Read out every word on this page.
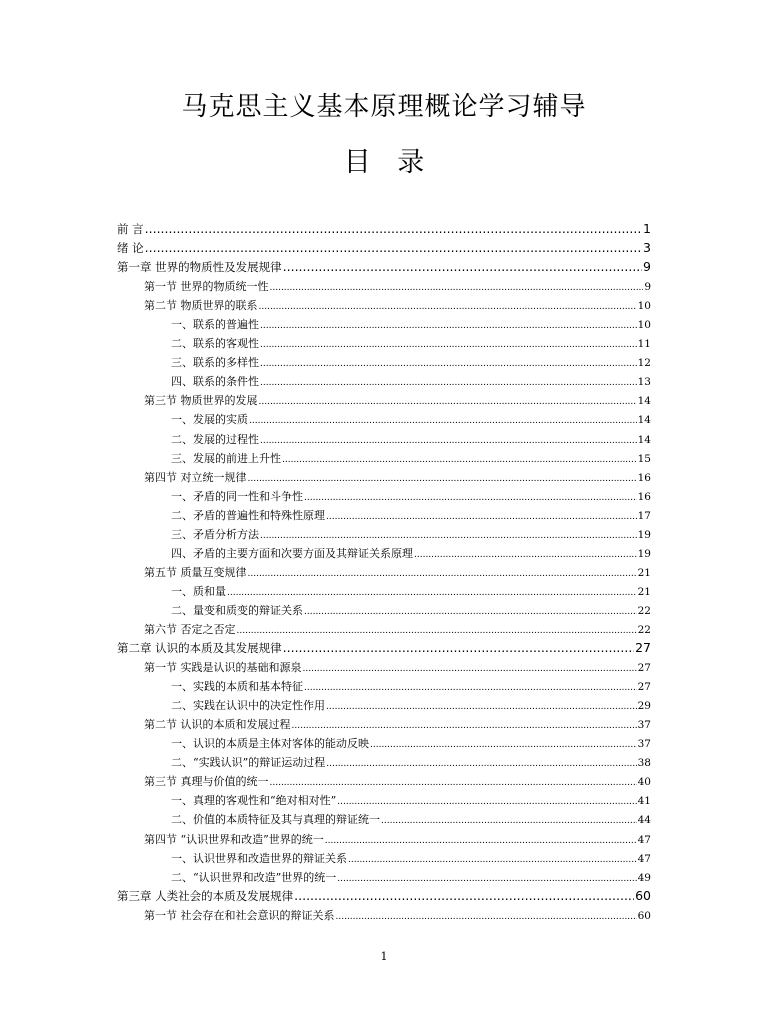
马克思主义基本原理概论学习辅导
目 录
前 言 .....	1
绪 论 .....	3
第一章 世界的物质性及发展规律 .....	9
第一节 世界的物质统一性 .....	9
第二节 物质世界的联系 .....	10
一、联系的普遍性 .....	10
二、联系的客观性 .....	11
三、联系的多样性 .....	12
四、联系的条件性 .....	13
第三节 物质世界的发展 .....	14
一、发展的实质 .....	14
二、发展的过程性 .....	14
三、发展的前进上升性 .....	15
第四节 对立统一规律 .....	16
一、矛盾的同一性和斗争性 .....	16
二、矛盾的普遍性和特殊性原理 .....	17
三、矛盾分析方法 .....	19
四、矛盾的主要方面和次要方面及其辩证关系原理 .....	19
第五节 质量互变规律 .....	21
一、质和量 .....	21
二、量变和质变的辩证关系 .....	22
第六节 否定之否定 .....	22
第二章 认识的本质及其发展规律 .....	27
第一节 实践是认识的基础和源泉 .....	27
一、实践的本质和基本特征 .....	27
二、实践在认识中的决定性作用 .....	29
第二节 认识的本质和发展过程 .....	37
一、认识的本质是主体对客体的能动反映 .....	37
二、“实践认识”的辩证运动过程 .....	38
第三节 真理与价值的统一 .....	40
一、真理的客观性和“绝对相对性” .....	41
二、价值的本质特征及其与真理的辩证统一 .....	44
第四节 “认识世界和改造”世界的统一 .....	47
一、认识世界和改造世界的辩证关系 .....	47
二、“认识世界和改造”世界的统一 .....	49
第三章 人类社会的本质及发展规律 .....	60
第一节 社会存在和社会意识的辩证关系 .....	60
1
